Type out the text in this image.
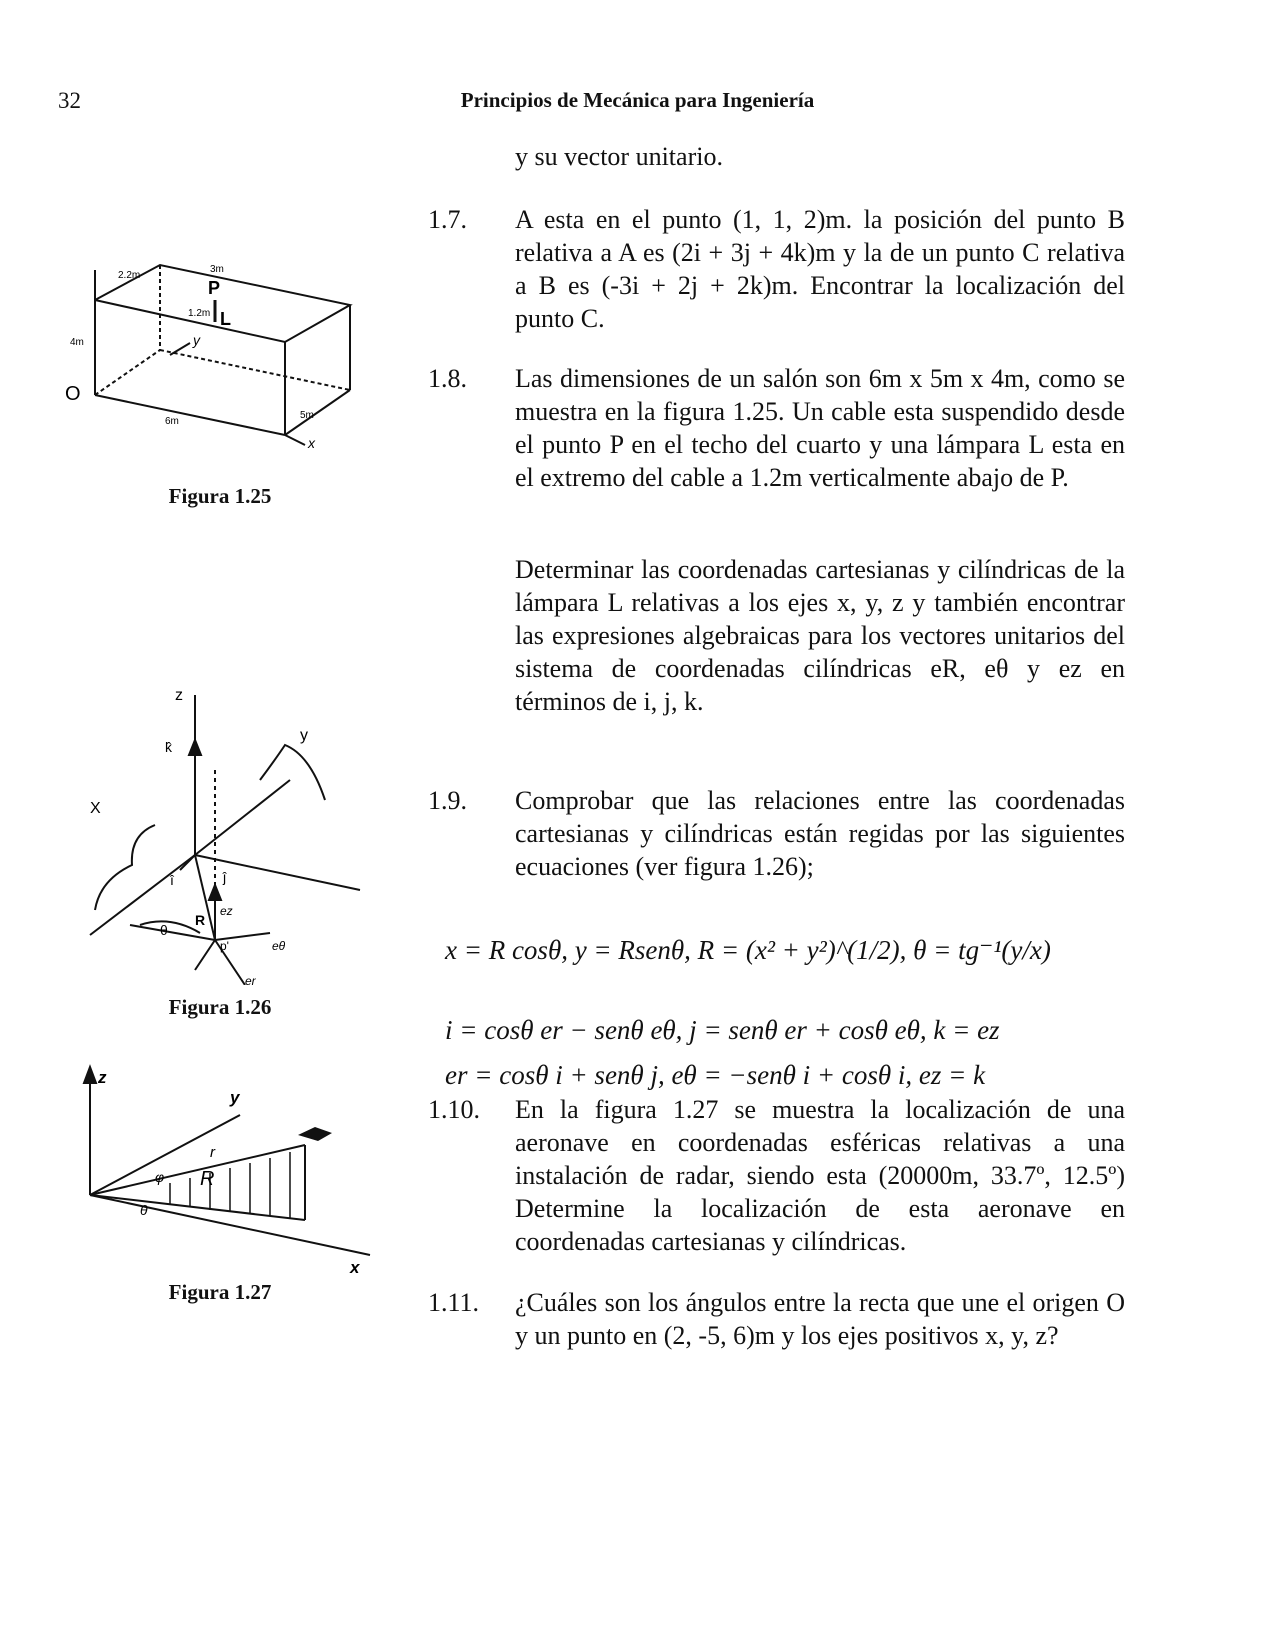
32	Principios de Mecánica para Ingeniería
y su vector unitario.
1.7. A esta en el punto (1, 1, 2)m. la posición del punto B relativa a A es (2i + 3j + 4k)m y la de un punto C relativa a B es (-3i + 2j + 2k)m. Encontrar la localización del punto C.
1.8. Las dimensiones de un salón son 6m x 5m x 4m, como se muestra en la figura 1.25. Un cable esta suspendido desde el punto P en el techo del cuarto y una lámpara L esta en el extremo del cable a 1.2m verticalmente abajo de P.
Determinar las coordenadas cartesianas y cilíndricas de la lámpara L relativas a los ejes x, y, z y también encontrar las expresiones algebraicas para los vectores unitarios del sistema de coordenadas cilíndricas eR, eθ y ez en términos de i, j, k.
1.9. Comprobar que las relaciones entre las coordenadas cartesianas y cilíndricas están regidas por las siguientes ecuaciones (ver figura 1.26);
x = R cosθ, y = Rsenθ, R = (x² + y²)^(1/2), θ = tg⁻¹(y/x)
i = cosθ er − senθ eθ, j = senθ er + cosθ eθ, k = ez
er = cosθ i + senθ j, eθ = −senθ i + cosθ i, ez = k
1.10. En la figura 1.27 se muestra la localización de una aeronave en coordenadas esféricas relativas a una instalación de radar, siendo esta (20000m, 33.7º, 12.5º) Determine la localización de esta aeronave en coordenadas cartesianas y cilíndricas.
1.11. ¿Cuáles son los ángulos entre la recta que une el origen O y un punto en (2, -5, 6)m y los ejes positivos x, y, z?
P
L
O
y
x
4m
6m
5m
3m
2.2m
1.2m
Figura 1.25
z
y
X
î	ĵ
k̂
ez
θ
R
p'	eθ
er
Figura 1.26
z
y
x
r
R
φ
θ
Figura 1.27
